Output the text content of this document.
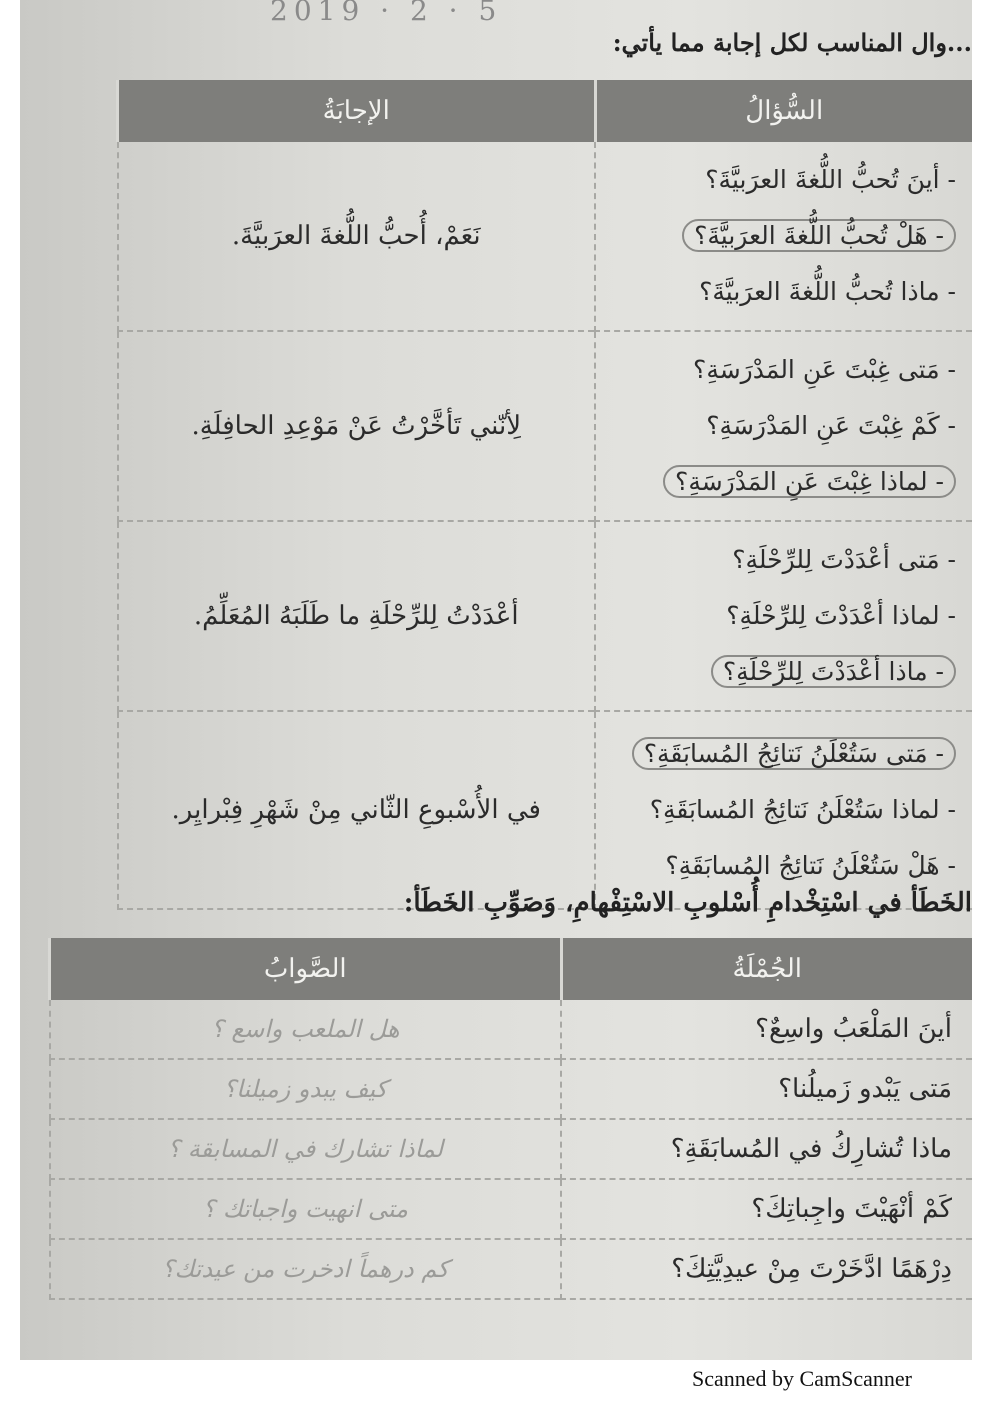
2019 · 2 · 5
...وال المناسب لكل إجابة مما يأتي:
السُّؤالُ	الإجابَةُ

- أينَ تُحبُّ اللُّغةَ العرَبيَّةَ؟
- هَلْ تُحبُّ اللُّغةَ العرَبيَّةَ؟
- ماذا تُحبُّ اللُّغةَ العرَبيَّةَ؟	نَعَمْ، أُحبُّ اللُّغةَ العرَبيَّةَ.

- مَتى غِبْتَ عَنِ المَدْرَسَةِ؟
- كَمْ غِبْتَ عَنِ المَدْرَسَةِ؟
- لماذا غِبْتَ عَنِ المَدْرَسَةِ؟	لِأنّني تَأخَّرْتُ عَنْ مَوْعِدِ الحافِلَةِ.

- مَتى أعْدَدْتَ لِلرِّحْلَةِ؟
- لماذا أعْدَدْتَ لِلرِّحْلَةِ؟
- ماذا أعْدَدْتَ لِلرِّحْلَةِ؟	أعْدَدْتُ لِلرِّحْلَةِ ما طَلَبَهُ المُعَلِّمُ.

- مَتى سَتُعْلَنُ نَتائِجُ المُسابَقَةِ؟
- لماذا سَتُعْلَنُ نَتائِجُ المُسابَقَةِ؟
- هَلْ سَتُعْلَنُ نَتائِجُ المُسابَقَةِ؟	في الأُسْبوعِ الثّاني مِنْ شَهْرِ فِبْرايِر.
الخَطَأ في اسْتِخْدامِ أُسْلوبِ الاسْتِفْهامِ، وَصَوِّبِ الخَطَأ:
الجُمْلَةُ	الصَّوابُ
أينَ المَلْعَبُ واسِعٌ؟	هل الملعب واسع ؟
مَتى يَبْدو زَميلُنا؟	كيف يبدو زميلنا؟
ماذا تُشارِكُ في المُسابَقَةِ؟	لماذا تشارك في المسابقة ؟
كَمْ أنْهَيْتَ واجِباتِكَ؟	متى انهيت واجباتك ؟
دِرْهَمًا ادَّخَرْتَ مِنْ عيدِيَّتِكَ؟	كم درهماً ادخرت من عيدتك؟
Scanned by CamScanner
